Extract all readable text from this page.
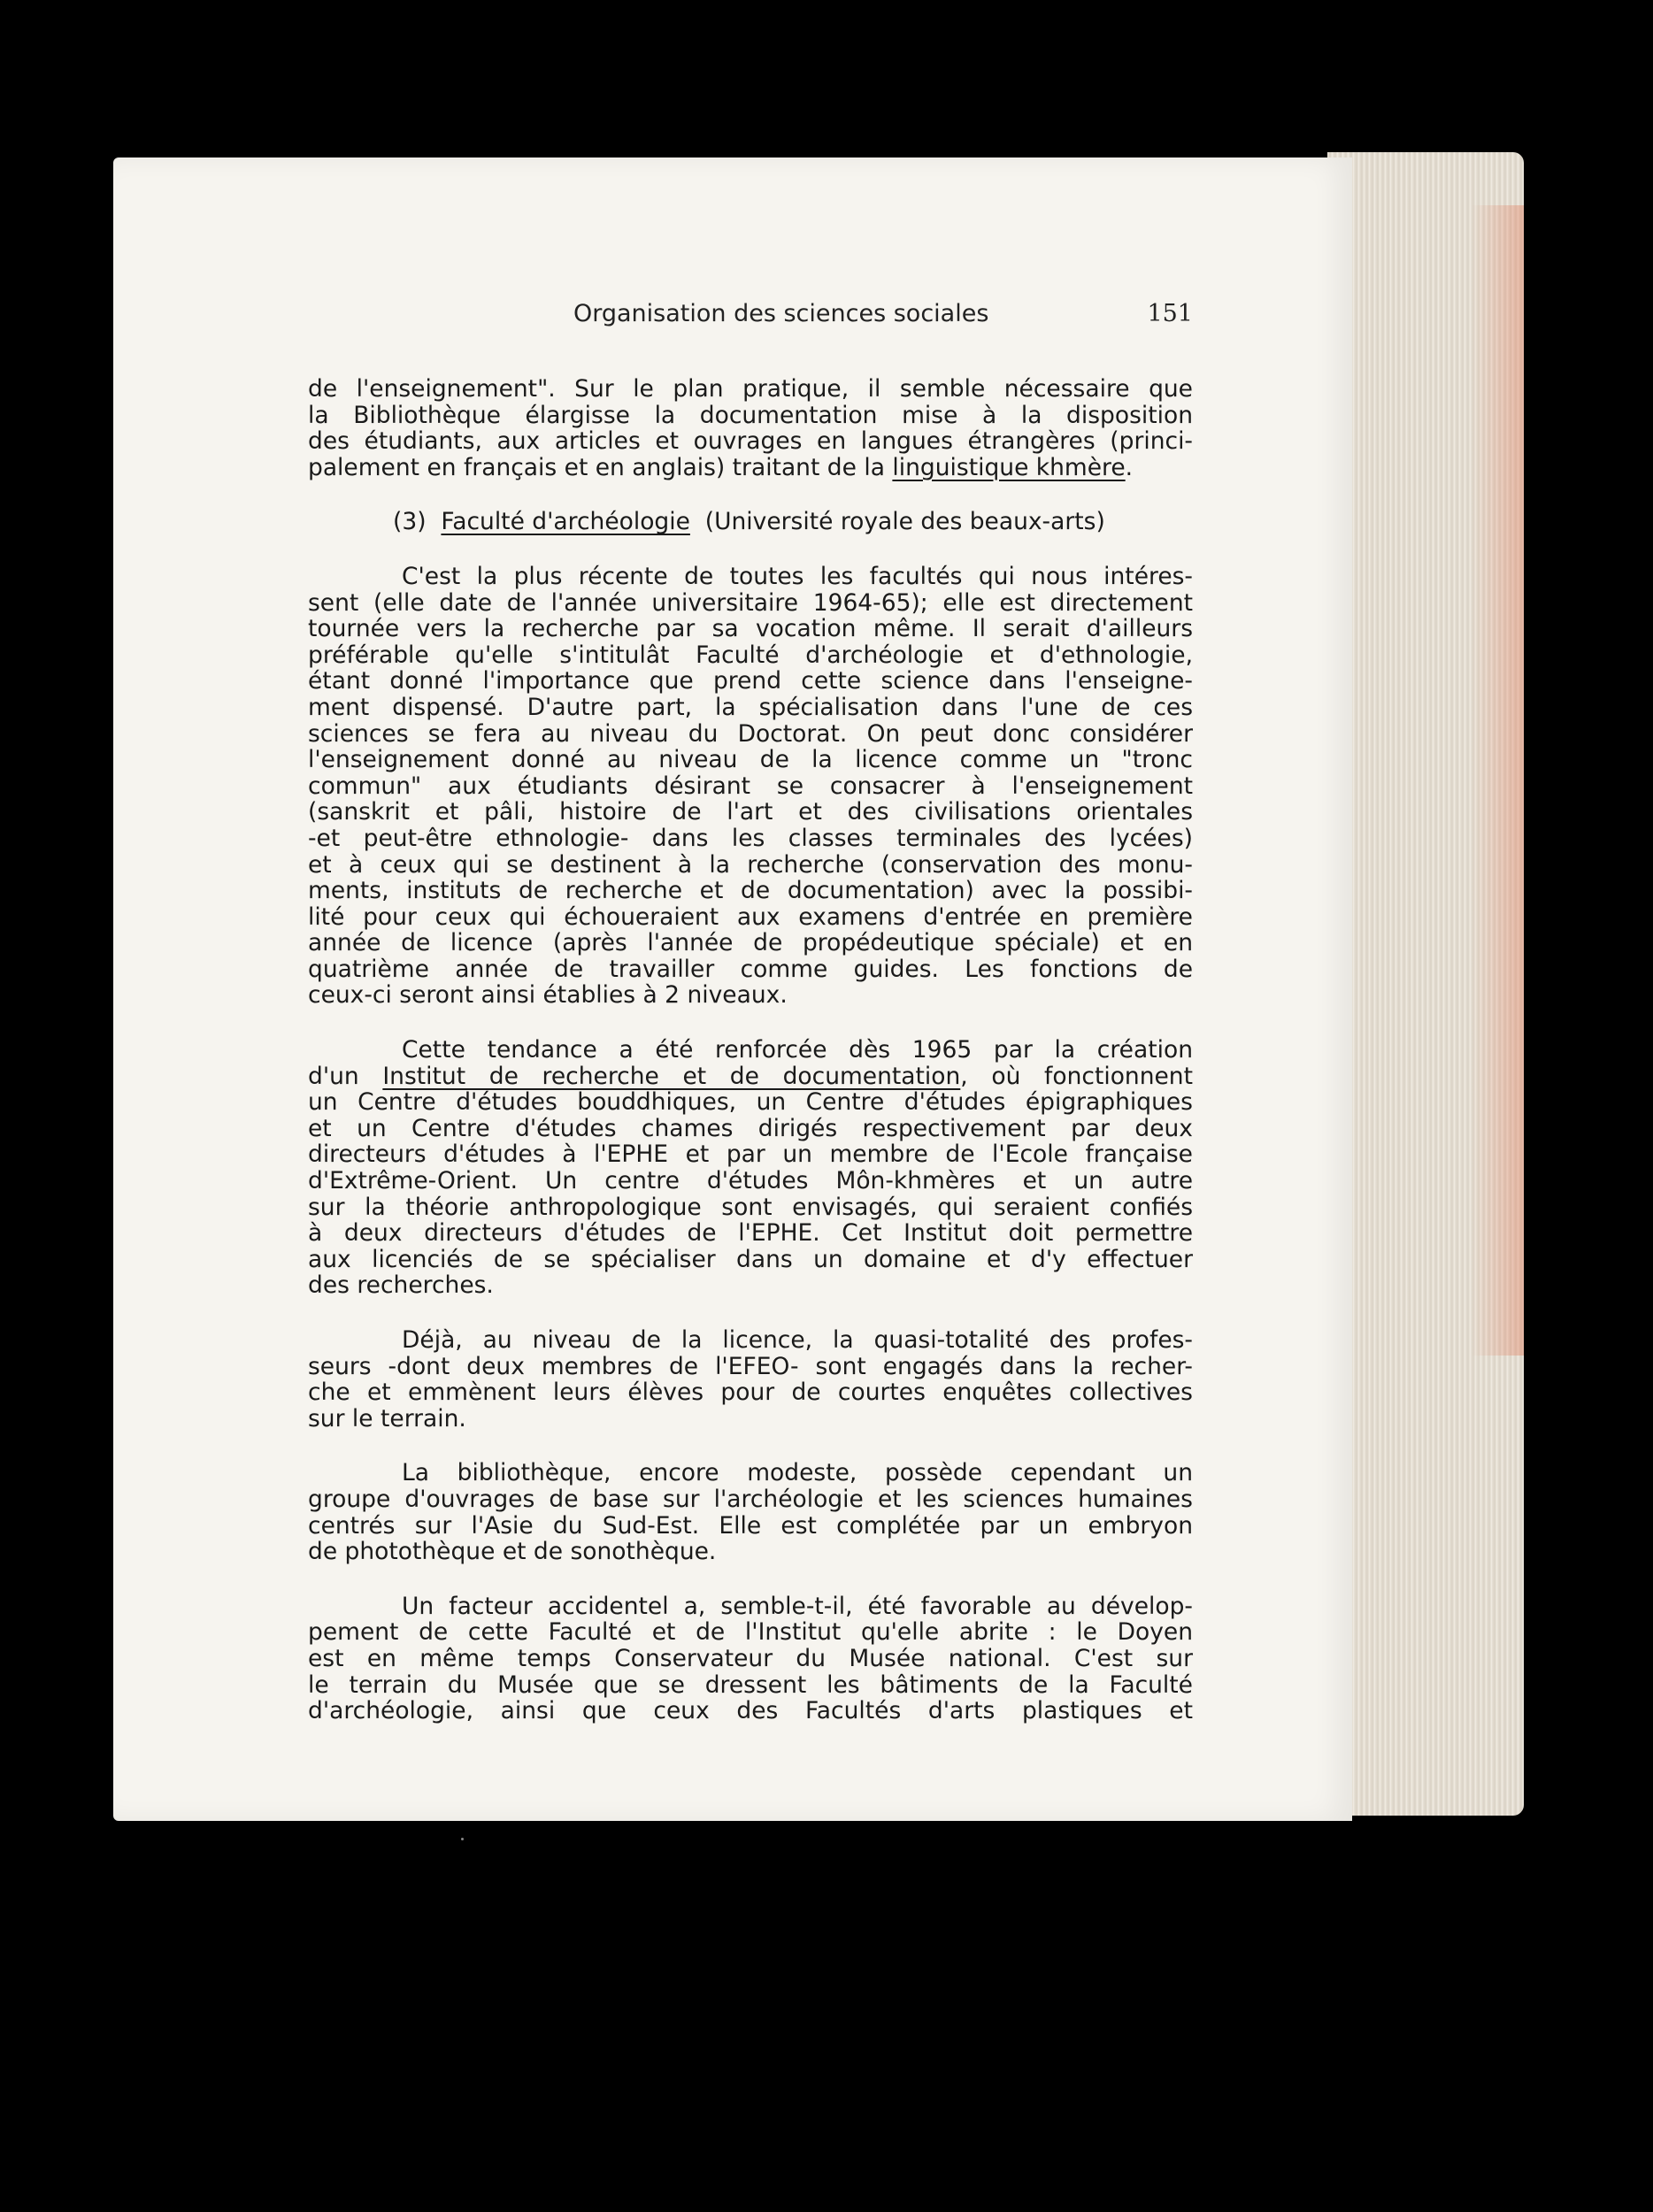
Organisation des sciences sociales	151
de l'enseignement". Sur le plan pratique, il semble nécessaire que
la Bibliothèque élargisse la documentation mise à la disposition
des étudiants, aux articles et ouvrages en langues étrangères (princi-
palement en français et en anglais) traitant de la linguistique khmère.
(3) Faculté d'archéologie (Université royale des beaux-arts)
C'est la plus récente de toutes les facultés qui nous intéres-
sent (elle date de l'année universitaire 1964-65); elle est directement
tournée vers la recherche par sa vocation même. Il serait d'ailleurs
préférable qu'elle s'intitulât Faculté d'archéologie et d'ethnologie,
étant donné l'importance que prend cette science dans l'enseigne-
ment dispensé. D'autre part, la spécialisation dans l'une de ces
sciences se fera au niveau du Doctorat. On peut donc considérer
l'enseignement donné au niveau de la licence comme un "tronc
commun" aux étudiants désirant se consacrer à l'enseignement
(sanskrit et pâli, histoire de l'art et des civilisations orientales
-et peut-être ethnologie- dans les classes terminales des lycées)
et à ceux qui se destinent à la recherche (conservation des monu-
ments, instituts de recherche et de documentation) avec la possibi-
lité pour ceux qui échoueraient aux examens d'entrée en première
année de licence (après l'année de propédeutique spéciale) et en
quatrième année de travailler comme guides. Les fonctions de
ceux-ci seront ainsi établies à 2 niveaux.
Cette tendance a été renforcée dès 1965 par la création
d'un Institut de recherche et de documentation, où fonctionnent
un Centre d'études bouddhiques, un Centre d'études épigraphiques
et un Centre d'études chames dirigés respectivement par deux
directeurs d'études à l'EPHE et par un membre de l'Ecole française
d'Extrême-Orient. Un centre d'études Môn-khmères et un autre
sur la théorie anthropologique sont envisagés, qui seraient confiés
à deux directeurs d'études de l'EPHE. Cet Institut doit permettre
aux licenciés de se spécialiser dans un domaine et d'y effectuer
des recherches.
Déjà, au niveau de la licence, la quasi-totalité des profes-
seurs -dont deux membres de l'EFEO- sont engagés dans la recher-
che et emmènent leurs élèves pour de courtes enquêtes collectives
sur le terrain.
La bibliothèque, encore modeste, possède cependant un
groupe d'ouvrages de base sur l'archéologie et les sciences humaines
centrés sur l'Asie du Sud-Est. Elle est complétée par un embryon
de photothèque et de sonothèque.
Un facteur accidentel a, semble-t-il, été favorable au dévelop-
pement de cette Faculté et de l'Institut qu'elle abrite : le Doyen
est en même temps Conservateur du Musée national. C'est sur
le terrain du Musée que se dressent les bâtiments de la Faculté
d'archéologie, ainsi que ceux des Facultés d'arts plastiques et
